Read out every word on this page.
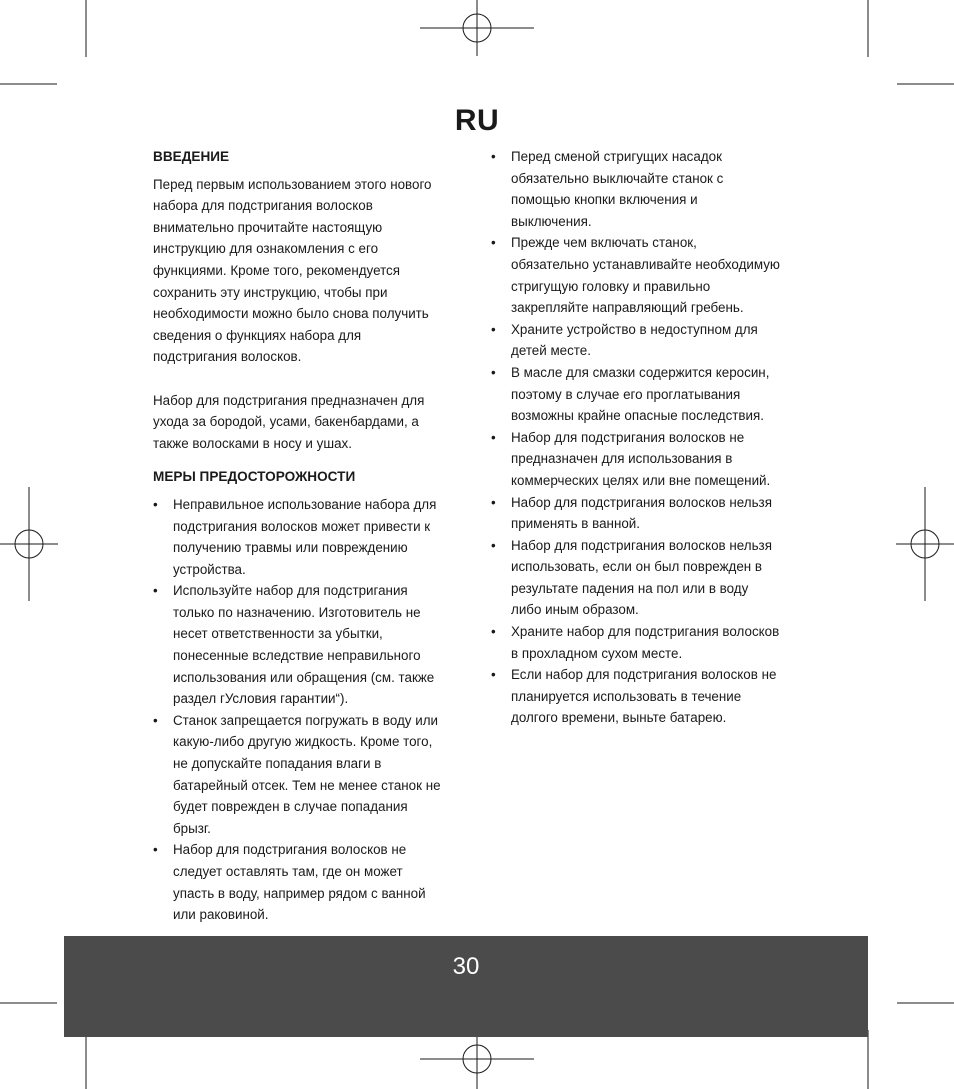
RU
ВВЕДЕНИЕ
Перед первым использованием этого нового
набора для подстригания волосков
внимательно прочитайте настоящую
инструкцию для ознакомления с его
функциями. Кроме того, рекомендуется
сохранить эту инструкцию, чтобы при
необходимости можно было снова получить
сведения о функциях набора для
подстригания волосков.
Набор для подстригания предназначен для
ухода за бородой, усами, бакенбардами, а
также волосками в носу и ушах.
МЕРЫ ПРЕДОСТОРОЖНОСТИ
•	Неправильное использование набора для
подстригания волосков может привести к
получению травмы или повреждению
устройства.
•	Используйте набор для подстригания
только по назначению. Изготовитель не
несет ответственности за убытки,
понесенные вследствие неправильного
использования или обращения (см. также
раздел гУсловия гарантии“).
•	Станок запрещается погружать в воду или
какую-либо другую жидкость. Кроме того,
не допускайте попадания влаги в
батарейный отсек. Тем не менее станок не
будет поврежден в случае попадания
брызг.
•	Набор для подстригания волосков не
следует оставлять там, где он может
упасть в воду, например рядом с ванной
или раковиной.
•	Перед сменой стригущих насадок
обязательно выключайте станок с
помощью кнопки включения и
выключения.
•	Прежде чем включать станок,
обязательно устанавливайте необходимую
стригущую головку и правильно
закрепляйте направляющий гребень.
•	Храните устройство в недоступном для
детей месте.
•	В масле для смазки содержится керосин,
поэтому в случае его проглатывания
возможны крайне опасные последствия.
•	Набор для подстригания волосков не
предназначен для использования в
коммерческих целях или вне помещений.
•	Набор для подстригания волосков нельзя
применять в ванной.
•	Набор для подстригания волосков нельзя
использовать, если он был поврежден в
результате падения на пол или в воду
либо иным образом.
•	Храните набор для подстригания волосков
в прохладном сухом месте.
•	Если набор для подстригания волосков не
планируется использовать в течение
долгого времени, выньте батарею.
30
